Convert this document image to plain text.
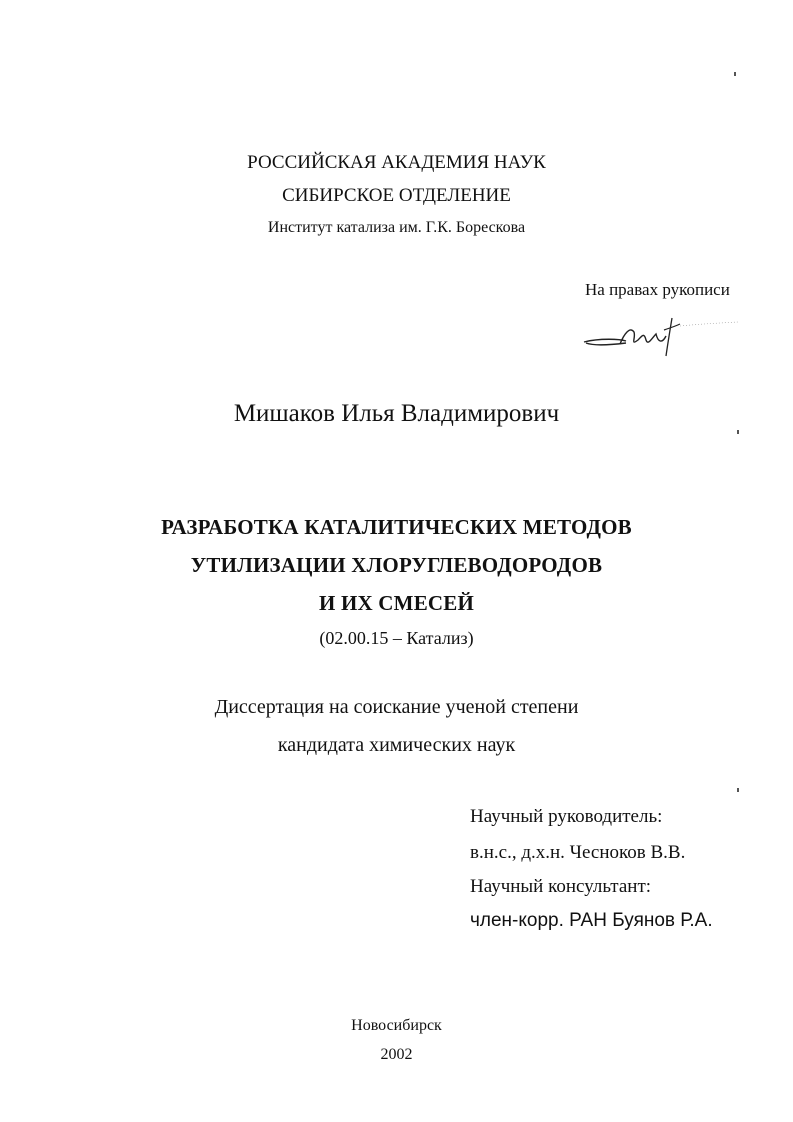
РОССИЙСКАЯ АКАДЕМИЯ НАУК
СИБИРСКОЕ ОТДЕЛЕНИЕ
Институт катализа им. Г.К. Борескова
На правах рукописи
Мишаков Илья Владимирович
РАЗРАБОТКА КАТАЛИТИЧЕСКИХ МЕТОДОВ
УТИЛИЗАЦИИ ХЛОРУГЛЕВОДОРОДОВ
И ИХ СМЕСЕЙ
(02.00.15 – Катализ)
Диссертация на соискание ученой степени
кандидата химических наук
Научный руководитель:
в.н.с., д.х.н. Чесноков В.В.
Научный консультант:
член-корр. РАН Буянов Р.А.
Новосибирск
2002
